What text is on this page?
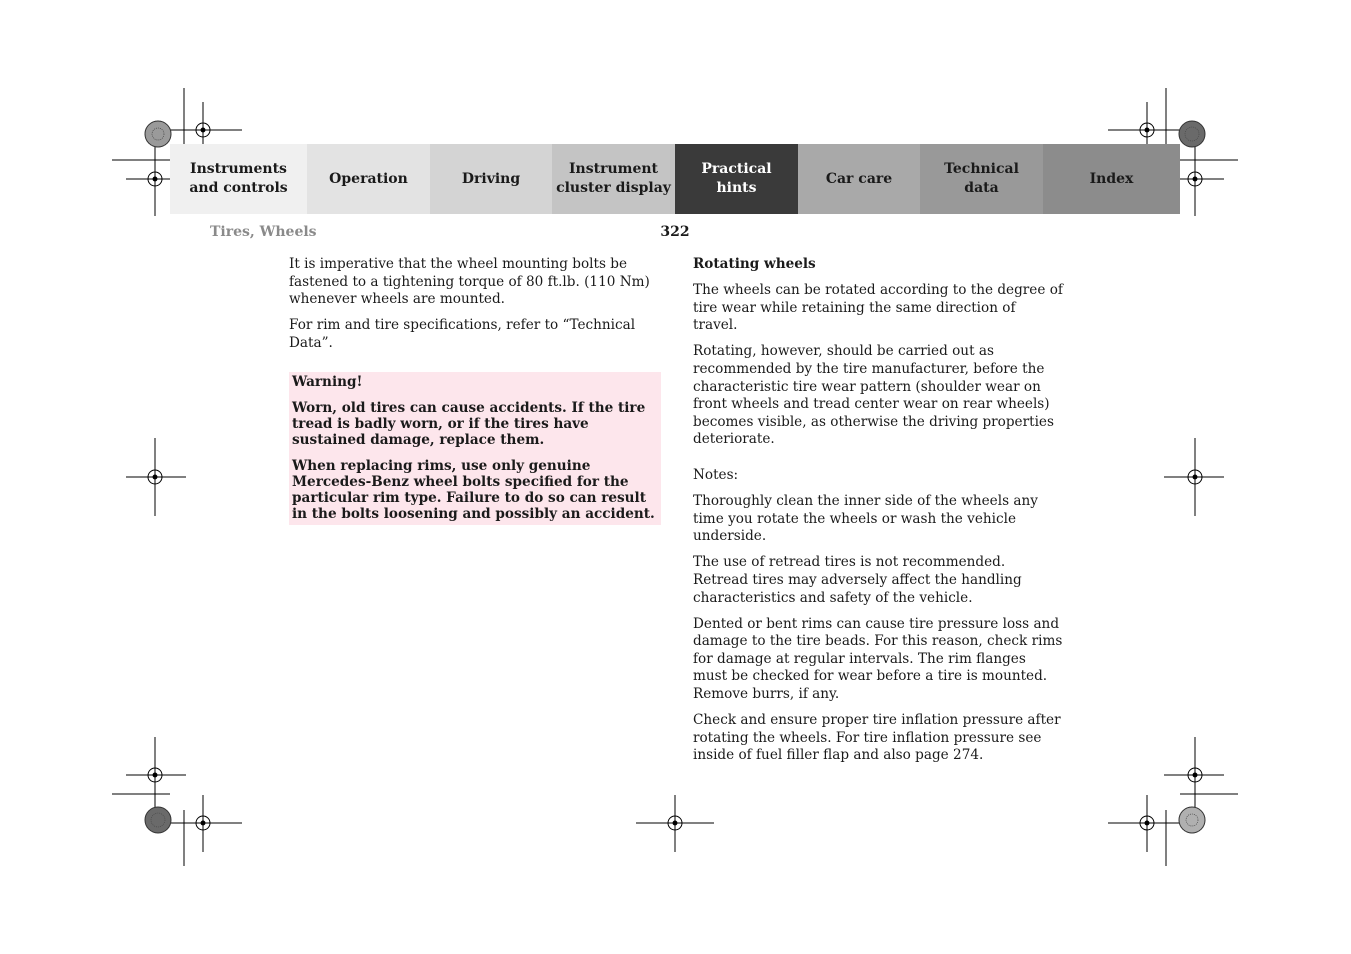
Instruments
and controls
Operation	Driving
Instrument
cluster display
Practical hints
Car care
Technical
data
Index
Tires, Wheels	322

It is imperative that the wheel mounting bolts be fastened to a tightening torque of 80 ft.lb. (110 Nm) whenever wheels are mounted.

For rim and tire specifications, refer to “Technical Data”.

Warning!

Worn, old tires can cause accidents. If the tire tread is badly worn, or if the tires have sustained damage, replace them.

When replacing rims, use only genuine Mercedes-Benz wheel bolts specified for the particular rim type. Failure to do so can result in the bolts loosening and possibly an accident.

Rotating wheels

The wheels can be rotated according to the degree of tire wear while retaining the same direction of travel.

Rotating, however, should be carried out as recommended by the tire manufacturer, before the characteristic tire wear pattern (shoulder wear on front wheels and tread center wear on rear wheels) becomes visible, as otherwise the driving properties deteriorate.

Notes:

Thoroughly clean the inner side of the wheels any time you rotate the wheels or wash the vehicle underside.

The use of retread tires is not recommended. Retread tires may adversely affect the handling characteristics and safety of the vehicle.

Dented or bent rims can cause tire pressure loss and damage to the tire beads. For this reason, check rims for damage at regular intervals. The rim flanges must be checked for wear before a tire is mounted. Remove burrs, if any.

Check and ensure proper tire inflation pressure after rotating the wheels. For tire inflation pressure see inside of fuel filler flap and also page 274.
